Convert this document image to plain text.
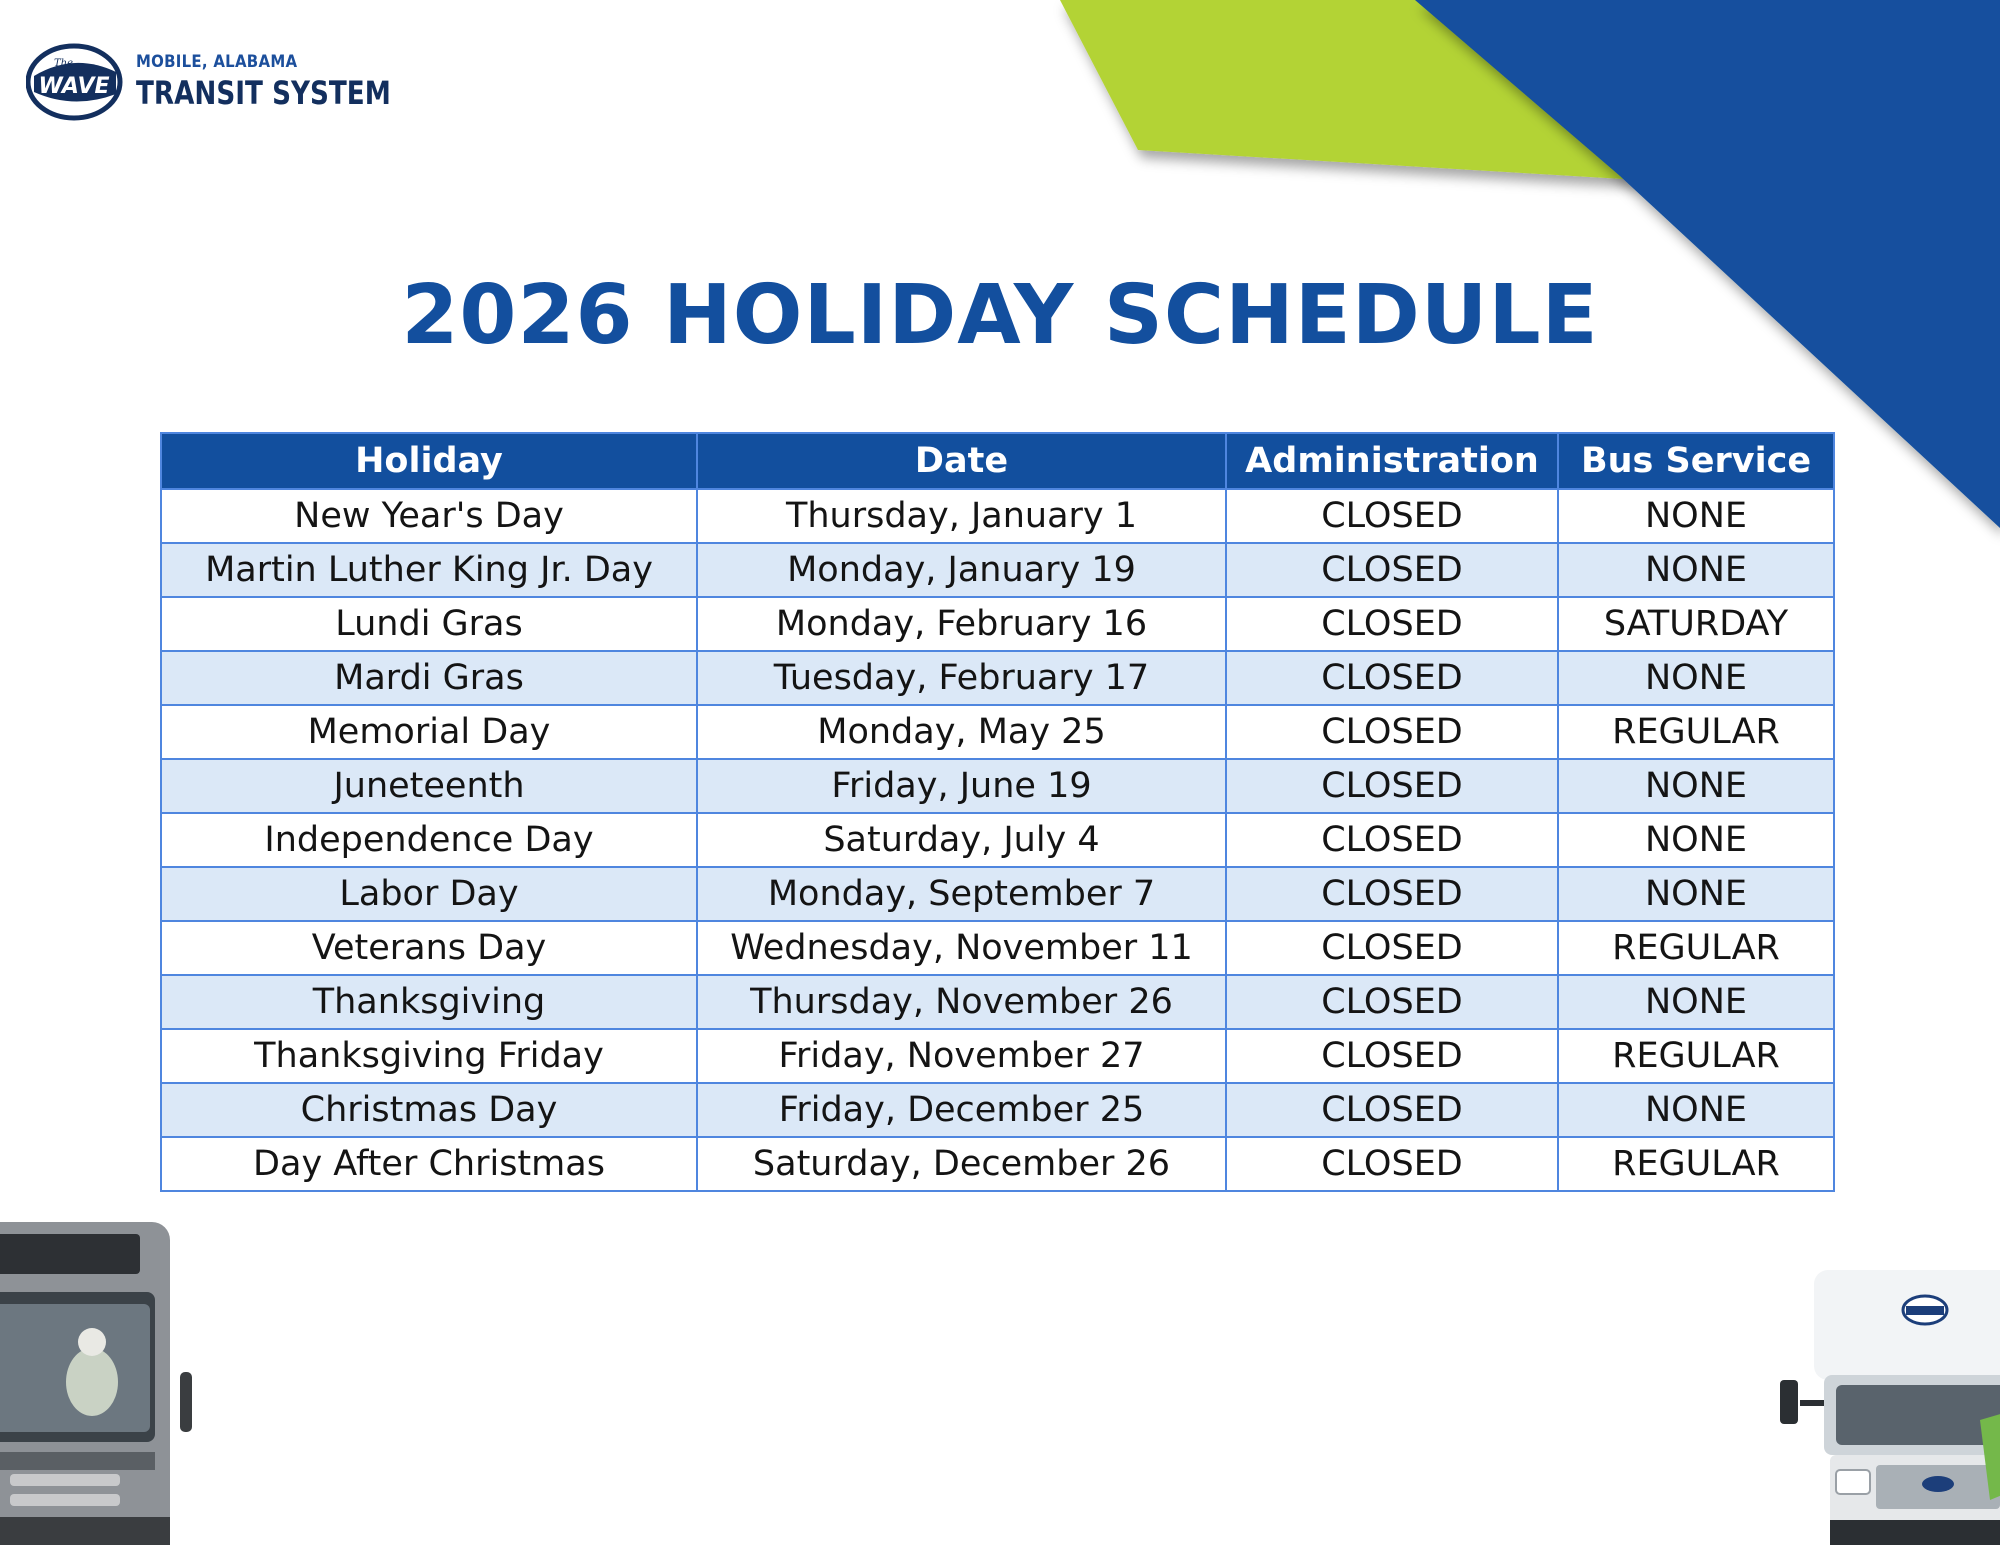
The
WAVE
MOBILE, ALABAMA
TRANSIT SYSTEM
2026 HOLIDAY SCHEDULE
Holiday	Date	Administration	Bus Service
New Year's Day	Thursday, January 1	CLOSED	NONE
Martin Luther King Jr. Day	Monday, January 19	CLOSED	NONE
Lundi Gras	Monday, February 16	CLOSED	SATURDAY
Mardi Gras	Tuesday, February 17	CLOSED	NONE
Memorial Day	Monday, May 25	CLOSED	REGULAR
Juneteenth	Friday, June 19	CLOSED	NONE
Independence Day	Saturday, July 4	CLOSED	NONE
Labor Day	Monday, September 7	CLOSED	NONE
Veterans Day	Wednesday, November 11	CLOSED	REGULAR
Thanksgiving	Thursday, November 26	CLOSED	NONE
Thanksgiving Friday	Friday, November 27	CLOSED	REGULAR
Christmas Day	Friday, December 25	CLOSED	NONE
Day After Christmas	Saturday, December 26	CLOSED	REGULAR
